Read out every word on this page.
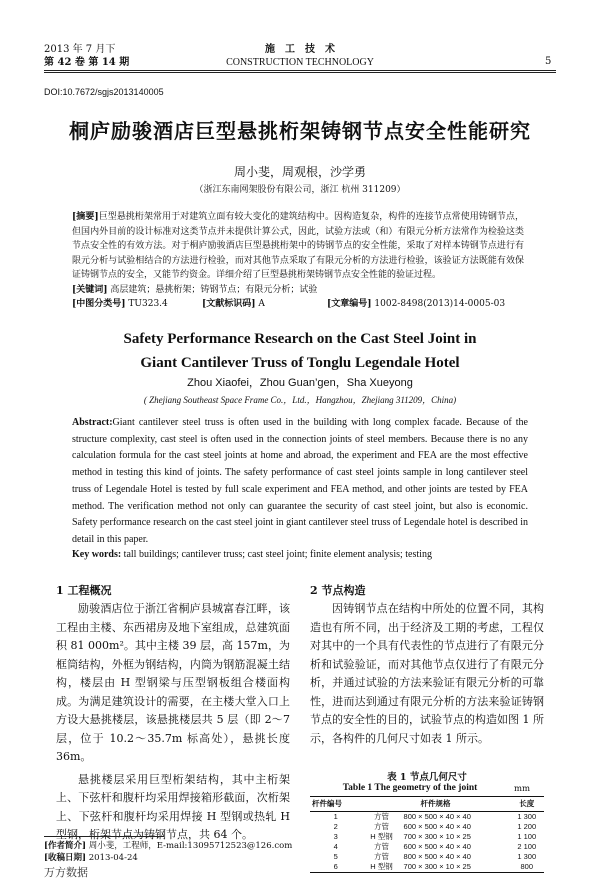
2013 年 7 月下
第 42 卷 第 14 期
施　工　技　术
CONSTRUCTION TECHNOLOGY	5
DOI:10.7672/sgjs2013140005
桐庐励骏酒店巨型悬挑桁架铸钢节点安全性能研究
周小斐，周观根，沙学勇
（浙江东南网架股份有限公司，浙江 杭州 311209）
[摘要]巨型悬挑桁架常用于对建筑立面有较大变化的建筑结构中。因构造复杂，构件的连接节点常使用铸钢节点，但国内外目前的设计标准对这类节点并未提供计算公式，因此，试验方法或（和）有限元分析方法常作为检验这类节点安全性的有效方法。对于桐庐励骏酒店巨型悬挑桁架中的铸钢节点的安全性能，采取了对样本铸钢节点进行有限元分析与试验相结合的方法进行检验，而对其他节点采取了有限元分析的方法进行检验，该验证方法既能有效保证铸钢节点的安全，又能节约资金。详细介绍了巨型悬挑桁架铸钢节点安全性能的验证过程。
[关键词] 高层建筑；悬挑桁架；铸钢节点；有限元分析；试验
[中图分类号] TU323.4	[文献标识码] A	[文章编号] 1002-8498(2013)14-0005-03
Safety Performance Research on the Cast Steel Joint in
Giant Cantilever Truss of Tonglu Legendale Hotel
Zhou Xiaofei，Zhou Guan’gen，Sha Xueyong
( Zhejiang Southeast Space Frame Co.，Ltd.，Hangzhou，Zhejiang 311209，China)
Abstract:Giant cantilever steel truss is often used in the building with long complex facade. Because of the structure complexity, cast steel is often used in the connection joints of steel members. Because there is no any calculation formula for the cast steel joints at home and abroad, the experiment and FEA are the most effective method in testing this kind of joints. The safety performance of cast steel joints sample in long cantilever steel truss of Legendale Hotel is tested by full scale experiment and FEA method, and other joints are tested by FEA method. The verification method not only can guarantee the security of cast steel joint, but also is economic. Safety performance research on the cast steel joint in giant cantilever steel truss of Legendale hotel is described in detail in this paper.
Key words: tall buildings; cantilever truss; cast steel joint; finite element analysis; testing
1 工程概况

励骏酒店位于浙江省桐庐县城富春江畔，该工程由主楼、东西裙房及地下室组成，总建筑面积 81 000m²。其中主楼 39 层，高 157m，为框筒结构，外框为钢结构，内筒为钢筋混凝土结构，楼层由 H 型钢梁与压型钢板组合楼面构成。为满足建筑设计的需要，在主楼大堂入口上方设大悬挑楼层，该悬挑楼层共 5 层（即 2～7 层，位于 10.2～35.7m 标高处），悬挑长度 36m。

悬挑楼层采用巨型桁架结构，其中主桁架上、下弦杆和腹杆均采用焊接箱形截面，次桁架上、下弦杆和腹杆均采用焊接 H 型钢或热轧 H 型钢，桁架节点为铸钢节点，共 64 个。

2 节点构造

因铸钢节点在结构中所处的位置不同，其构造也有所不同，出于经济及工期的考虑，工程仅对其中的一个具有代表性的节点进行了有限元分析和试验验证，而对其他节点仅进行了有限元分析，并通过试验的方法来验证有限元分析的可靠性，进而达到通过有限元分析的方法来验证铸钢节点的安全性的目的，试验节点的构造如图 1 所示，各构件的几何尺寸如表 1 所示。

表 1 节点几何尺寸
Table 1 The geometry of the joint	mm
杆件编号	杆件规格		长度
1	方管	800 × 500 × 40 × 40	1 300
2	方管	600 × 500 × 40 × 40	1 200
3	H 型钢	700 × 300 × 10 × 25	1 100
4	方管	600 × 500 × 40 × 40	2 100
5	方管	800 × 500 × 40 × 40	1 300
6	H 型钢	700 × 300 × 10 × 25	800
[作者简介] 周小斐，工程师，E-mail:13095712523@126.com
[收稿日期] 2013-04-24
万方数据
